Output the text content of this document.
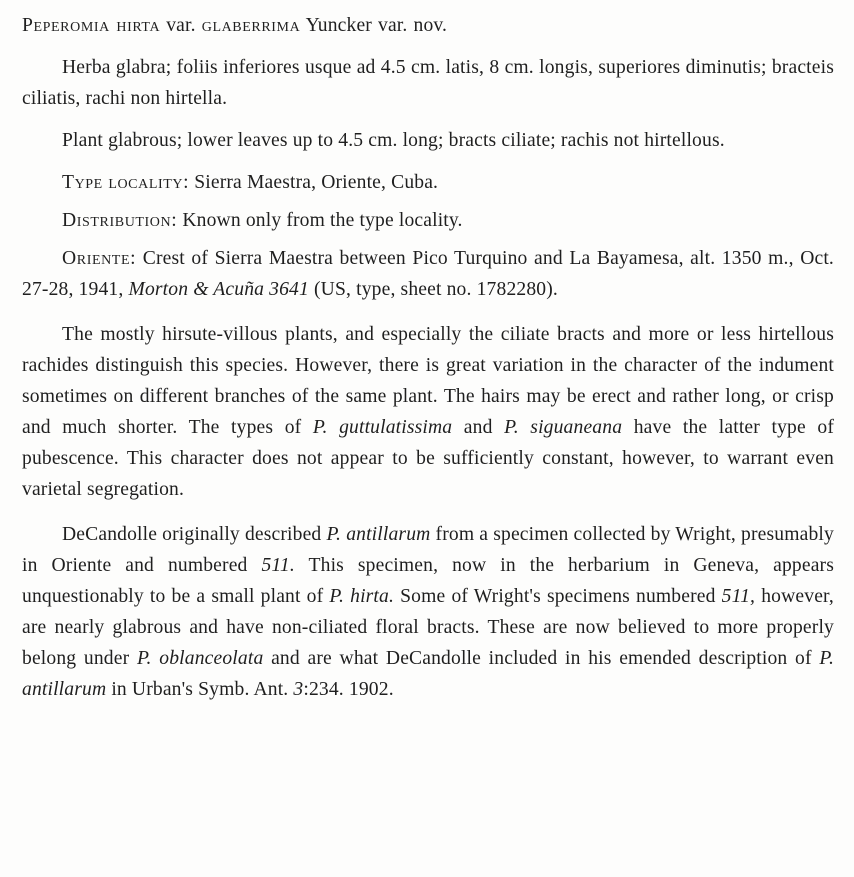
Peperomia hirta var. glaberrima Yuncker var. nov.

Herba glabra; foliis inferiores usque ad 4.5 cm. latis, 8 cm. longis, superiores diminutis; bracteis ciliatis, rachi non hirtella.

Plant glabrous; lower leaves up to 4.5 cm. long; bracts ciliate; rachis not hirtellous.

Type locality: Sierra Maestra, Oriente, Cuba.

Distribution: Known only from the type locality.

Oriente: Crest of Sierra Maestra between Pico Turquino and La Bayamesa, alt. 1350 m., Oct. 27-28, 1941, Morton & Acuña 3641 (US, type, sheet no. 1782280).

The mostly hirsute-villous plants, and especially the ciliate bracts and more or less hirtellous rachides distinguish this species. However, there is great variation in the character of the indument sometimes on different branches of the same plant. The hairs may be erect and rather long, or crisp and much shorter. The types of P. guttulatissima and P. siguaneana have the latter type of pubescence. This character does not appear to be sufficiently constant, however, to warrant even varietal segregation.

DeCandolle originally described P. antillarum from a specimen collected by Wright, presumably in Oriente and numbered 511. This specimen, now in the herbarium in Geneva, appears unquestionably to be a small plant of P. hirta. Some of Wright's specimens numbered 511, however, are nearly glabrous and have non-ciliated floral bracts. These are now believed to more properly belong under P. oblanceolata and are what DeCandolle included in his emended description of P. antillarum in Urban's Symb. Ant. 3:234. 1902.
